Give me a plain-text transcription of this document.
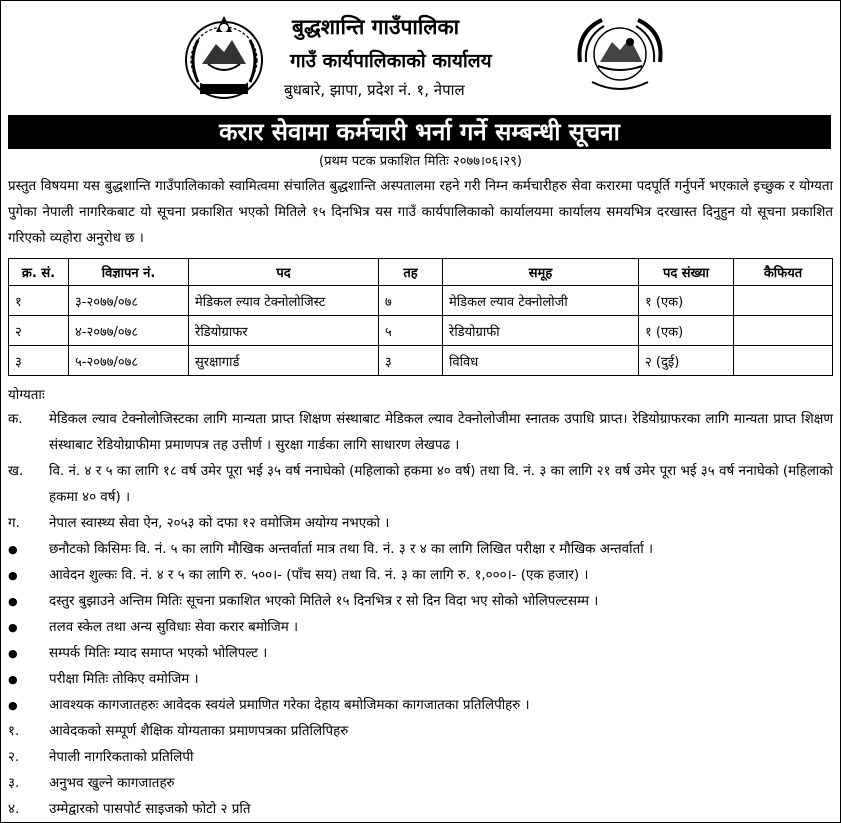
बुद्धशान्ति गाउँपालिका
गाउँ कार्यपालिकाको कार्यालय
बुधबारे, झापा, प्रदेश नं. १, नेपाल
करार सेवामा कर्मचारी भर्ना गर्ने सम्बन्धी सूचना
(प्रथम पटक प्रकाशित मितिः २०७७।०६।२९)
प्रस्तुत विषयमा यस बुद्धशान्ति गाउँपालिकाको स्वामित्वमा संचालित बुद्धशान्ति अस्पतालमा रहने गरी निम्न कर्मचारीहरु सेवा करारमा पदपूर्ति गर्नुपर्ने भएकाले इच्छुक र योग्यता पुगेका नेपाली नागरिकबाट यो सूचना प्रकाशित भएको मितिले १५ दिनभित्र यस गाउँ कार्यपालिकाको कार्यालयमा कार्यालय समयभित्र दरखास्त दिनुहुन यो सूचना प्रकाशित गरिएको व्यहोरा अनुरोध छ ।
क्र. सं.	विज्ञापन नं.	पद	तह	समूह	पद संख्या	कैफियत
१	३-२०७७/०७८	मेडिकल ल्याव टेक्नोलोजिस्ट	७	मेडिकल ल्याव टेक्नोलोजी	१ (एक)	
२	४-२०७७/०७८	रेडियोग्राफर	५	रेडियोग्राफी	१ (एक)	
३	५-२०७७/०७८	सुरक्षागार्ड	३	विविध	२ (दुई)	
योग्यताः
क.	मेडिकल ल्याव टेक्नोलोजिस्टका लागि मान्यता प्राप्त शिक्षण संस्थाबाट मेडिकल ल्याव टेक्नोलोजीमा स्नातक उपाधि प्राप्त। रेडियोग्राफरका लागि मान्यता प्राप्त शिक्षण संस्थाबाट रेडियोग्राफीमा प्रमाणपत्र तह उत्तीर्ण । सुरक्षा गार्डका लागि साधारण लेखपढ ।
ख.	वि. नं. ४ र ५ का लागि १८ वर्ष उमेर पूरा भई ३५ वर्ष ननाघेको (महिलाको हकमा ४० वर्ष) तथा वि. नं. ३ का लागि २१ वर्ष उमेर पूरा भई ३५ वर्ष ननाघेको (महिलाको हकमा ४० वर्ष) ।
ग.	नेपाल स्वास्थ्य सेवा ऐन, २०५३ को दफा १२ वमोजिम अयोग्य नभएको ।
●
छनौटको किसिमः वि. नं. ५ का लागि मौखिक अन्तर्वार्ता मात्र तथा वि. नं. ३ र ४ का लागि लिखित परीक्षा र मौखिक अन्तर्वार्ता ।
●
आवेदन शुल्कः वि. नं. ४ र ५ का लागि रु. ५००।- (पाँच सय) तथा वि. नं. ३ का लागि रु. १,०००।- (एक हजार) ।
●
दस्तुर बुझाउने अन्तिम मितिः सूचना प्रकाशित भएको मितिले १५ दिनभित्र र सो दिन विदा भए सोको भोलिपल्टसम्म ।
●
तलव स्केल तथा अन्य सुविधाः सेवा करार बमोजिम ।
●
सम्पर्क मितिः म्याद समाप्त भएको भोलिपल्ट ।
●
परीक्षा मितिः तोकिए वमोजिम ।
●
आवश्यक कागजातहरुः आवेदक स्वयंले प्रमाणित गरेका देहाय बमोजिमका कागजातका प्रतिलिपीहरु ।
१.	आवेदकको सम्पूर्ण शैक्षिक योग्यताका प्रमाणपत्रका प्रतिलिपिहरु
२.	नेपाली नागरिकताको प्रतिलिपी
३.	अनुभव खुल्ने कागजातहरु
४.	उम्मेद्वारको पासपोर्ट साइजको फोटो २ प्रति
